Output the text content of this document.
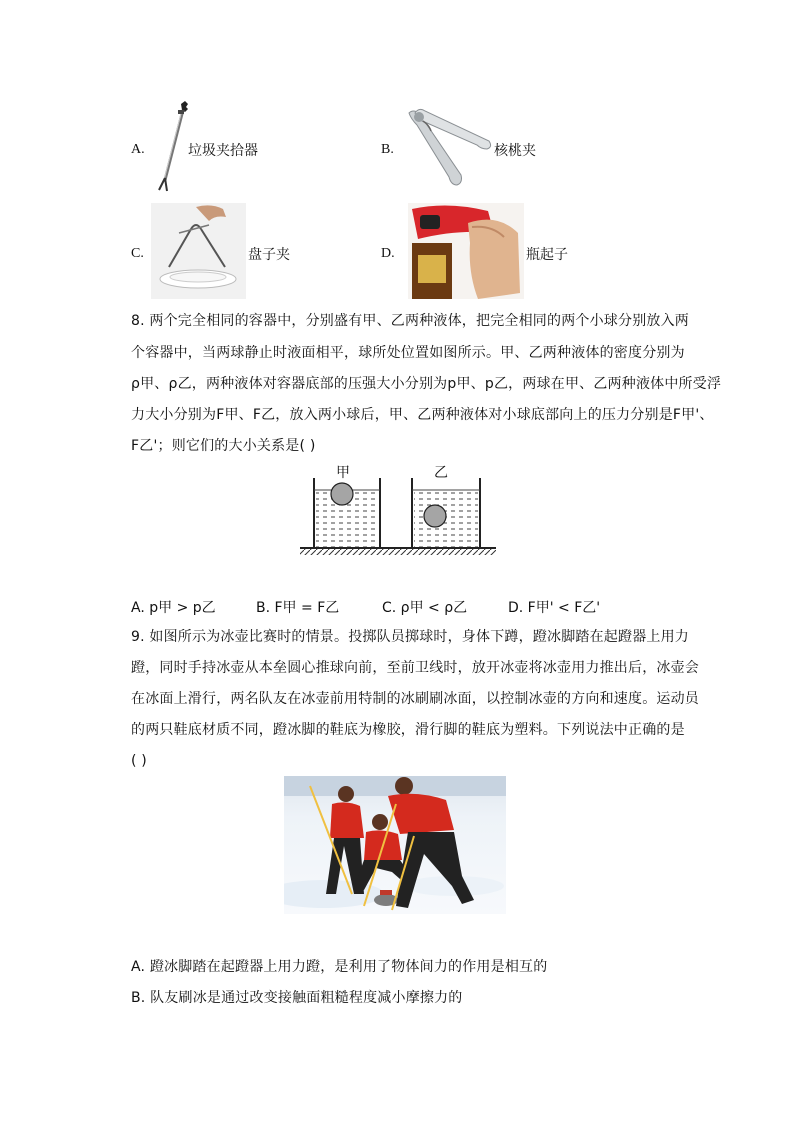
A.	垃圾夹拾器	B.	核桃夹
C.	盘子夹	D.	瓶起子
8. 两个完全相同的容器中，分别盛有甲、乙两种液体，把完全相同的两个小球分别放入两
个容器中，当两球静止时液面相平，球所处位置如图所示。甲、乙两种液体的密度分别为
ρ甲、ρ乙，两种液体对容器底部的压强大小分别为p甲、p乙，两球在甲、乙两种液体中所受浮
力大小分别为F甲、F乙，放入两小球后，甲、乙两种液体对小球底部向上的压力分别是F甲'、
F乙'；则它们的大小关系是( )
甲	乙
A. p甲 > p乙	B. F甲 = F乙	C. ρ甲 < ρ乙	D. F甲' < F乙'
9. 如图所示为冰壶比赛时的情景。投掷队员掷球时，身体下蹲，蹬冰脚踏在起蹬器上用力
蹬，同时手持冰壶从本垒圆心推球向前，至前卫线时，放开冰壶将冰壶用力推出后，冰壶会
在冰面上滑行，两名队友在冰壶前用特制的冰刷刷冰面，以控制冰壶的方向和速度。运动员
的两只鞋底材质不同，蹬冰脚的鞋底为橡胶，滑行脚的鞋底为塑料。下列说法中正确的是
( )
A. 蹬冰脚踏在起蹬器上用力蹬，是利用了物体间力的作用是相互的
B. 队友刷冰是通过改变接触面粗糙程度减小摩擦力的
